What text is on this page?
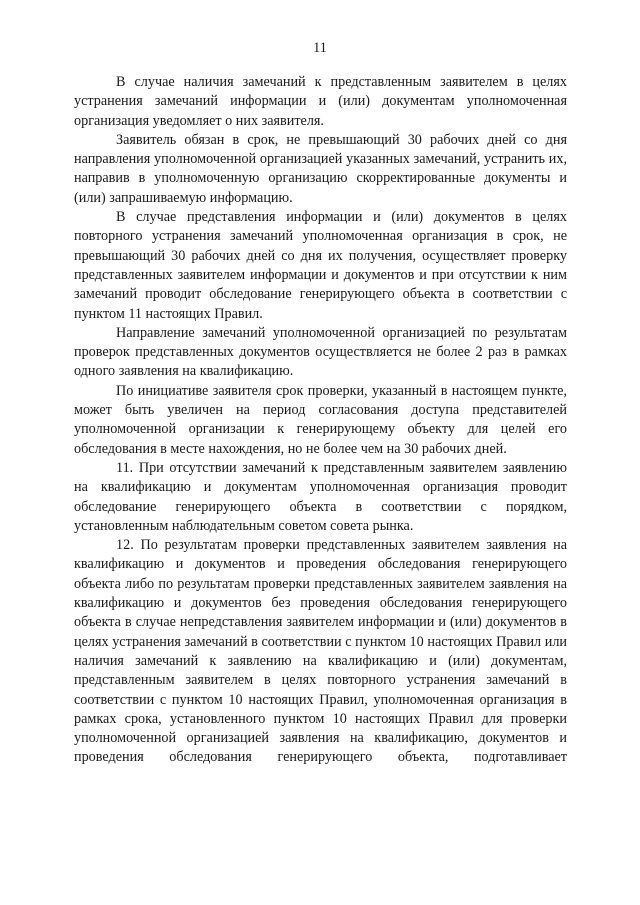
11

В случае наличия замечаний к представленным заявителем в целях устранения замечаний информации и (или) документам уполномоченная организация уведомляет о них заявителя.

Заявитель обязан в срок, не превышающий 30 рабочих дней со дня направления уполномоченной организацией указанных замечаний, устранить их, направив в уполномоченную организацию скорректированные документы и (или) запрашиваемую информацию.

В случае представления информации и (или) документов в целях повторного устранения замечаний уполномоченная организация в срок, не превышающий 30 рабочих дней со дня их получения, осуществляет проверку представленных заявителем информации и документов и при отсутствии к ним замечаний проводит обследование генерирующего объекта в соответствии с пунктом 11 настоящих Правил.

Направление замечаний уполномоченной организацией по результатам проверок представленных документов осуществляется не более 2 раз в рамках одного заявления на квалификацию.

По инициативе заявителя срок проверки, указанный в настоящем пункте, может быть увеличен на период согласования доступа представителей уполномоченной организации к генерирующему объекту для целей его обследования в месте нахождения, но не более чем на 30 рабочих дней.

11. При отсутствии замечаний к представленным заявителем заявлению на квалификацию и документам уполномоченная организация проводит обследование генерирующего объекта в соответствии с порядком, установленным наблюдательным советом совета рынка.

12. По результатам проверки представленных заявителем заявления на квалификацию и документов и проведения обследования генерирующего объекта либо по результатам проверки представленных заявителем заявления на квалификацию и документов без проведения обследования генерирующего объекта в случае непредставления заявителем информации и (или) документов в целях устранения замечаний в соответствии с пунктом 10 настоящих Правил или наличия замечаний к заявлению на квалификацию и (или) документам, представленным заявителем в целях повторного устранения замечаний в соответствии с пунктом 10 настоящих Правил, уполномоченная организация в рамках срока, установленного пунктом 10 настоящих Правил для проверки уполномоченной организацией заявления на квалификацию, документов и проведения обследования генерирующего объекта, подготавливает
